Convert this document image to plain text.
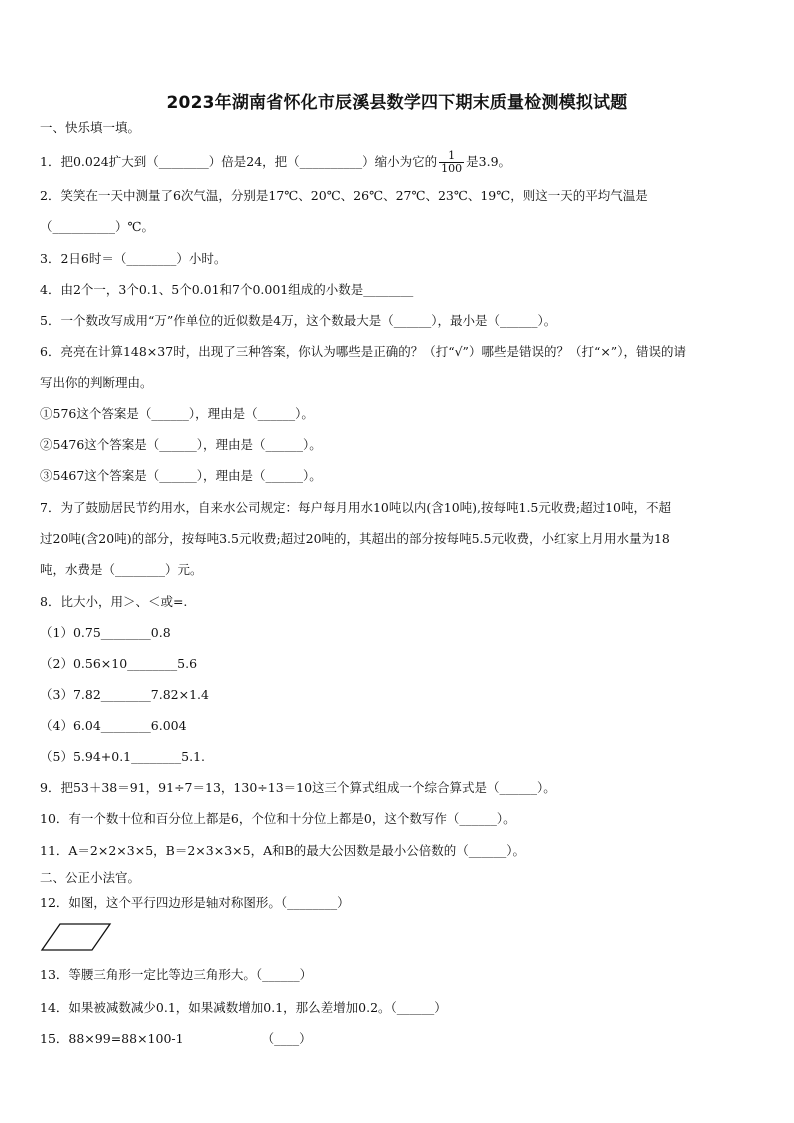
2023年湖南省怀化市辰溪县数学四下期末质量检测模拟试题
一、快乐填一填。
1．把0.024扩大到（________）倍是24，把（__________）缩小为它的 $\frac{1}{100}$ 是3.9。
2．笑笑在一天中测量了6次气温，分别是17℃、20℃、26℃、27℃、23℃、19℃，则这一天的平均气温是
（__________）℃。
3．2日6时＝（________）小时。
4．由2个一，3个0.1、5个0.01和7个0.001组成的小数是________
5．一个数改写成用“万”作单位的近似数是4万，这个数最大是（______），最小是（______）。
6．亮亮在计算148×37时，出现了三种答案，你认为哪些是正确的？（打“√”）哪些是错误的？（打“×”），错误的请
写出你的判断理由。
①576这个答案是（______），理由是（______）。
②5476这个答案是（______），理由是（______）。
③5467这个答案是（______），理由是（______）。
7．为了鼓励居民节约用水，自来水公司规定：每户每月用水10吨以内(含10吨),按每吨1.5元收费;超过10吨，不超
过20吨(含20吨)的部分，按每吨3.5元收费;超过20吨的，其超出的部分按每吨5.5元收费，小红家上月用水量为18
吨，水费是（________）元。
8．比大小，用＞、＜或=.
（1）0.75________0.8
（2）0.56×10________5.6
（3）7.82________7.82×1.4
（4）6.04________6.004
（5）5.94+0.1________5.1.
9．把53＋38＝91，91÷7＝13，130÷13＝10这三个算式组成一个综合算式是（______）。
10．有一个数十位和百分位上都是6，个位和十分位上都是0，这个数写作（______）。
11．A＝2×2×3×5，B＝2×3×3×5，A和B的最大公因数是最小公倍数的（______）。
二、公正小法官。
12．如图，这个平行四边形是轴对称图形。（________）
13．等腰三角形一定比等边三角形大。（______）
14．如果被减数减少0.1，如果减数增加0.1，那么差增加0.2。（______）
15．88×99=88×100-1	（____）
